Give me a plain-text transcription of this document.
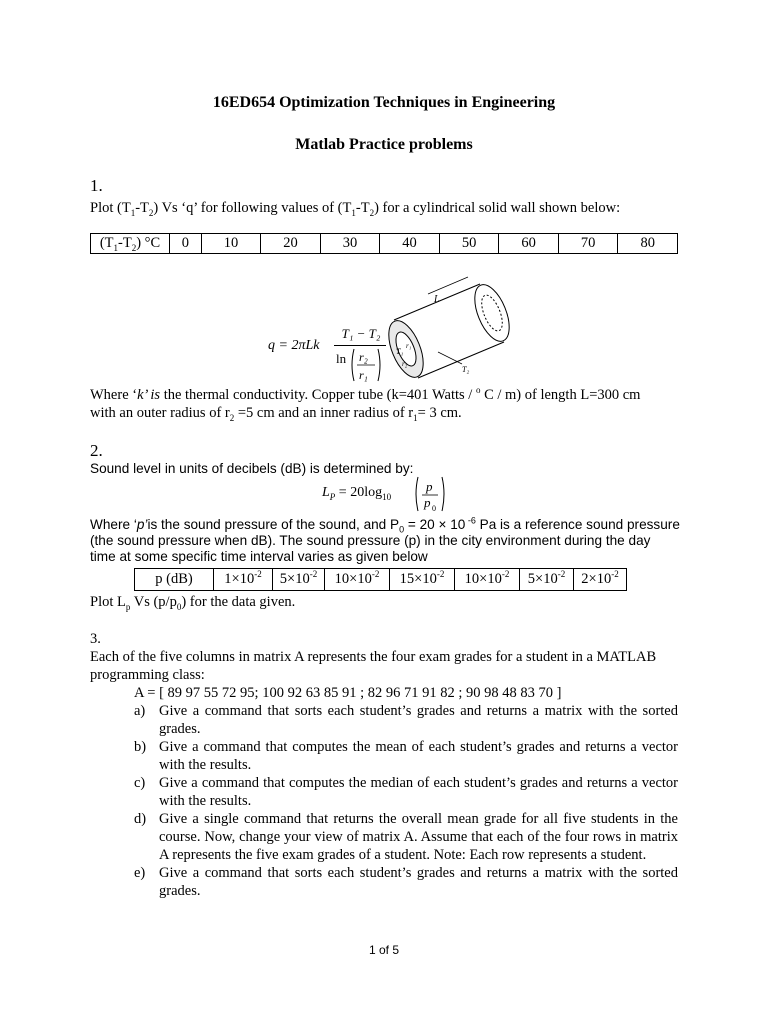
16ED654 Optimization Techniques in Engineering
Matlab Practice problems
1.
Plot $(T_1-T_2)$ Vs ‘q’ for following values of $(T_1-T_2)$ for a cylindrical solid wall shown below:
$(T_1-T_2)$ °C	0	10	20	30	40	50	60	70	80
q = 2πLk
T₁ − T₂
ln r₂
r₁
L
T₁
r₁
r₂
T₂
Where ‘k’ is the thermal conductivity. Copper tube (k=401 Watts / $^o$ C / m) of length L=300 cm
with an outer radius of $r_2 =5$ cm and an inner radius of $r_1= 3$ cm.
2.
Sound level in units of decibels (dB) is determined by:
$L_P = 20\log_{10}$
p
p 0
Where ‘p’is the sound pressure of the sound, and $P_0 = 20 \times 10$ $^{-6}$ Pa is a reference sound pressure
(the sound pressure when dB). The sound pressure (p) in the city environment during the day
time at some specific time interval varies as given below
p (dB)	$1\times 10^{-2}$	$5\times 10^{-2}$	$10\times 10^{-2}$	$15\times 10^{-2}$	$10\times 10^{-2}$	$5\times 10^{-2}$	$2\times 10^{-2}$
Plot $L_p$ Vs $(p/p_0)$ for the data given.
3.
Each of the five columns in matrix A represents the four exam grades for a student in a MATLAB
programming class:
A = [ 89 97 55 72 95; 100 92 63 85 91 ; 82 96 71 91 82 ; 90 98 48 83 70 ]
a) Give a command that sorts each student’s grades and returns a matrix with the sorted grades.
b) Give a command that computes the mean of each student’s grades and returns a vector with the results.
c) Give a command that computes the median of each student’s grades and returns a vector with the results.
d) Give a single command that returns the overall mean grade for all five students in the course. Now, change your view of matrix A. Assume that each of the four rows in matrix A represents the five exam grades of a student. Note: Each row represents a student.
e) Give a command that sorts each student’s grades and returns a matrix with the sorted grades.
1 of 5
